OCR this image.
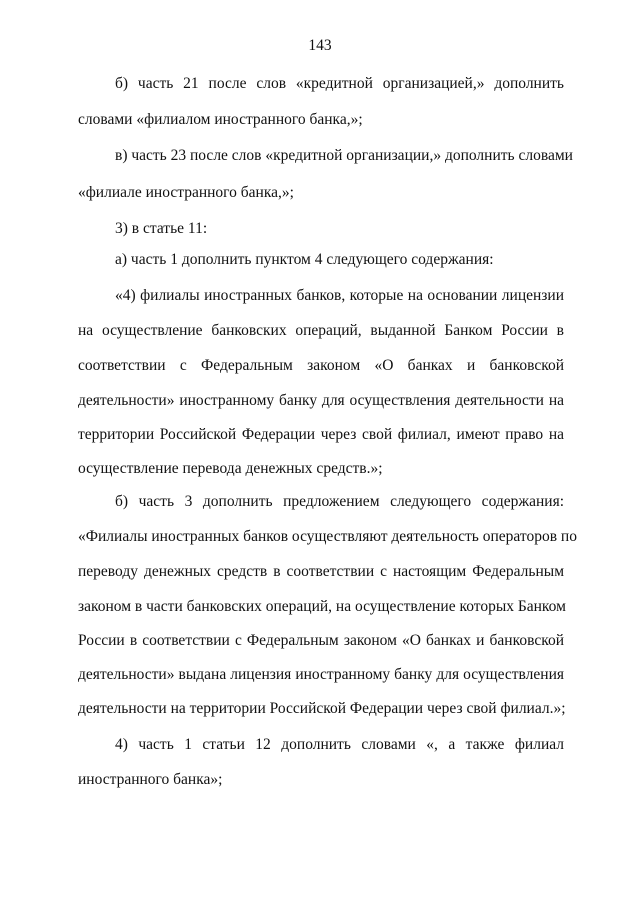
143
б) часть 21 после слов «кредитной организацией,» дополнить
словами «филиалом иностранного банка,»;
в) часть 23 после слов «кредитной организации,» дополнить словами
«филиале иностранного банка,»;
3) в статье 11:
а) часть 1 дополнить пунктом 4 следующего содержания:
«4) филиалы иностранных банков, которые на основании лицензии
на осуществление банковских операций, выданной Банком России в
соответствии с Федеральным законом «О банках и банковской
деятельности» иностранному банку для осуществления деятельности на
территории Российской Федерации через свой филиал, имеют право на
осуществление перевода денежных средств.»;
б) часть 3 дополнить предложением следующего содержания:
«Филиалы иностранных банков осуществляют деятельность операторов по
переводу денежных средств в соответствии с настоящим Федеральным
законом в части банковских операций, на осуществление которых Банком
России в соответствии с Федеральным законом «О банках и банковской
деятельности» выдана лицензия иностранному банку для осуществления
деятельности на территории Российской Федерации через свой филиал.»;
4) часть 1 статьи 12 дополнить словами «, а также филиал
иностранного банка»;
